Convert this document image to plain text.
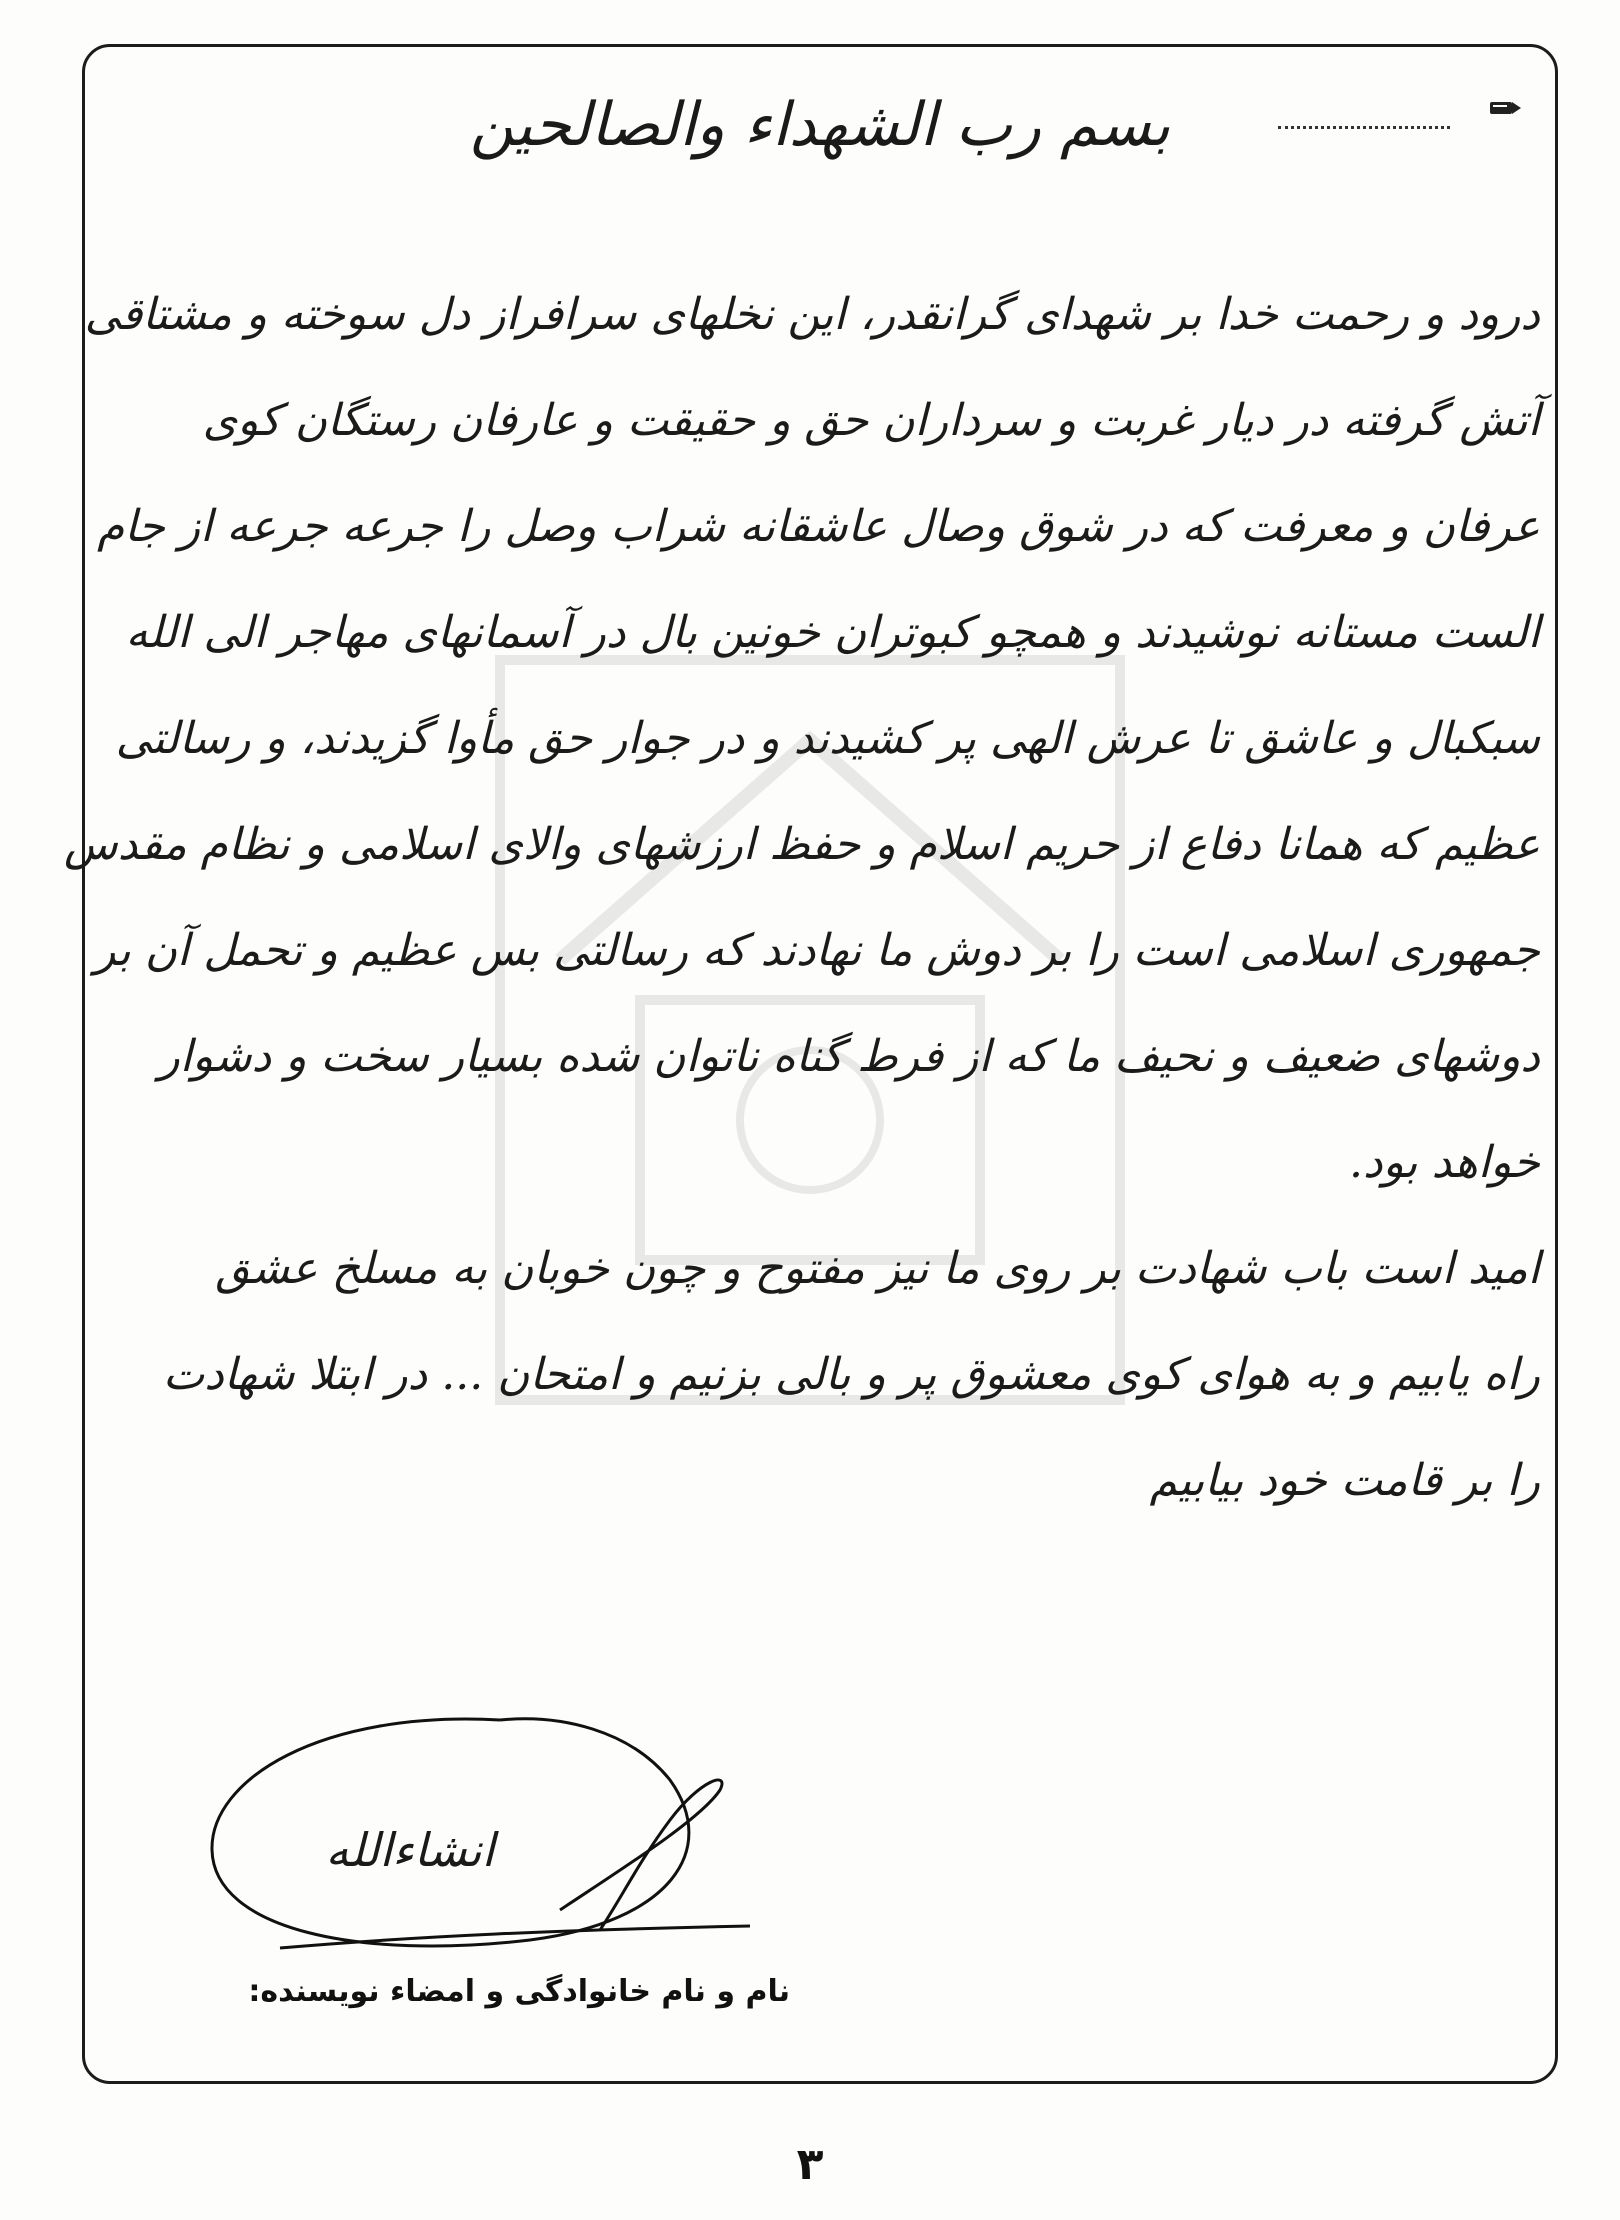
بسم رب الشهداء والصالحین
درود و رحمت خدا بر شهدای گرانقدر، این نخلهای سرافراز دل سوخته و مشتاقی
آتش گرفته در دیار غربت و سرداران حق و حقیقت و عارفان رستگان کوی
عرفان و معرفت که در شوق وصال عاشقانه شراب وصل را جرعه جرعه از جام
الست مستانه نوشیدند و همچو کبوتران خونین بال در آسمانهای مهاجر الی الله
سبکبال و عاشق تا عرش الهی پر کشیدند و در جوار حق مأوا گزیدند، و رسالتی
عظیم که همانا دفاع از حریم اسلام و حفظ ارزشهای والای اسلامی و نظام مقدس
جمهوری اسلامی است را بر دوش ما نهادند که رسالتی بس عظیم و تحمل آن بر
دوشهای ضعیف و نحیف ما که از فرط گناه ناتوان شده بسیار سخت و دشوار
خواهد بود.
امید است باب شهادت بر روی ما نیز مفتوح و چون خوبان به مسلخ عشق
راه یابیم و به هوای کوی معشوق پر و بالی بزنیم و امتحان ... در ابتلا شهادت
را بر قامت خود بیابیم
انشاءالله
نام و نام خانوادگی و امضاء نویسنده:
۳
